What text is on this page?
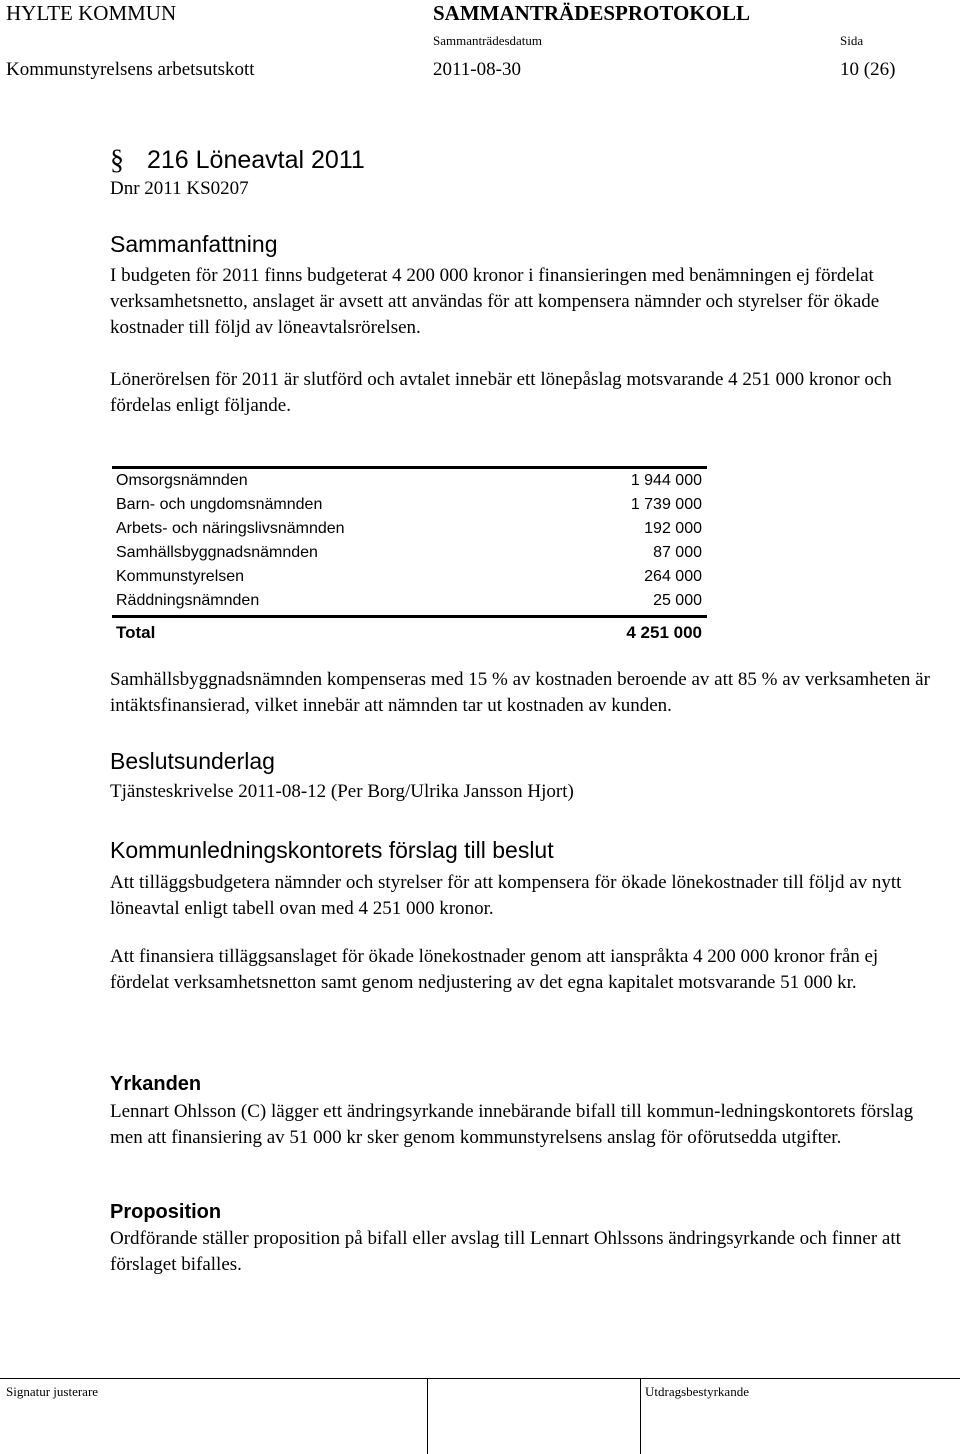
HYLTE KOMMUN	SAMMANTRÄDESPROTOKOLL
Sammanträdesdatum	Sida
Kommunstyrelsens arbetsutskott	2011-08-30	10 (26)
§ 216 Löneavtal 2011
Dnr 2011 KS0207
Sammanfattning

I budgeten för 2011 finns budgeterat 4 200 000 kronor i finansieringen med benämningen ej fördelat verksamhetsnetto, anslaget är avsett att användas för att kompensera nämnder och styrelser för ökade kostnader till följd av löneavtalsrörelsen.

Lönerörelsen för 2011 är slutförd och avtalet innebär ett lönepåslag motsvarande 4 251 000 kronor och fördelas enligt följande.

Omsorgsnämnden	1 944 000
Barn- och ungdomsnämnden	1 739 000
Arbets- och näringslivsnämnden	192 000
Samhällsbyggnadsnämnden	87 000
Kommunstyrelsen	264 000
Räddningsnämnden	25 000
Total	4 251 000

Samhällsbyggnadsnämnden kompenseras med 15 % av kostnaden beroende av att 85 % av verksamheten är intäktsfinansierad, vilket innebär att nämnden tar ut kostnaden av kunden.

Beslutsunderlag
Tjänsteskrivelse 2011-08-12 (Per Borg/Ulrika Jansson Hjort)
Kommunledningskontorets förslag till beslut

Att tilläggsbudgetera nämnder och styrelser för att kompensera för ökade lönekostnader till följd av nytt löneavtal enligt tabell ovan med 4 251 000 kronor.

Att finansiera tilläggsanslaget för ökade lönekostnader genom att ianspråkta 4 200 000 kronor från ej fördelat verksamhetsnetton samt genom nedjustering av det egna kapitalet motsvarande 51 000 kr.

Yrkanden

Lennart Ohlsson (C) lägger ett ändringsyrkande innebärande bifall till kommun-ledningskontorets förslag men att finansiering av 51 000 kr sker genom kommunstyrelsens anslag för oförutsedda utgifter.

Proposition

Ordförande ställer proposition på bifall eller avslag till Lennart Ohlssons ändringsyrkande och finner att förslaget bifalles.

Signatur justerare	Utdragsbestyrkande
